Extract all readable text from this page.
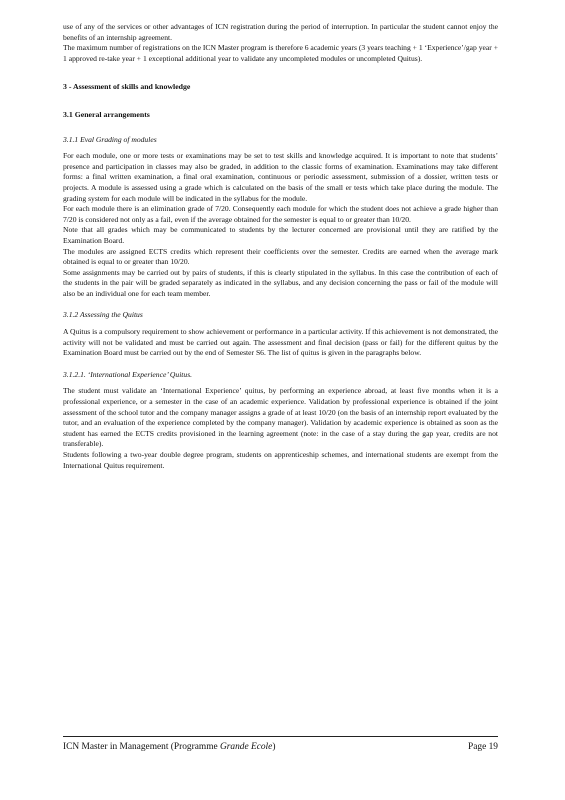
use of any of the services or other advantages of ICN registration during the period of interruption. In particular the student cannot enjoy the benefits of an internship agreement.

The maximum number of registrations on the ICN Master program is therefore 6 academic years (3 years teaching + 1 ‘Experience’/gap year + 1 approved re-take year + 1 exceptional additional year to validate any uncompleted modules or uncompleted Quitus).

3 - Assessment of skills and knowledge

3.1 General arrangements

3.1.1 Eval Grading of modules

For each module, one or more tests or examinations may be set to test skills and knowledge acquired. It is important to note that students’ presence and participation in classes may also be graded, in addition to the classic forms of examination. Examinations may take different forms: a final written examination, a final oral examination, continuous or periodic assessment, submission of a dossier, written tests or projects. A module is assessed using a grade which is calculated on the basis of the small er tests which take place during the module. The grading system for each module will be indicated in the syllabus for the module.

For each module there is an elimination grade of 7/20. Consequently each module for which the student does not achieve a grade higher than 7/20 is considered not only as a fail, even if the average obtained for the semester is equal to or greater than 10/20.

Note that all grades which may be communicated to students by the lecturer concerned are provisional until they are ratified by the Examination Board.

The modules are assigned ECTS credits which represent their coefficients over the semester. Credits are earned when the average mark obtained is equal to or greater than 10/20.

Some assignments may be carried out by pairs of students, if this is clearly stipulated in the syllabus. In this case the contribution of each of the students in the pair will be graded separately as indicated in the syllabus, and any decision concerning the pass or fail of the module will also be an individual one for each team member.

3.1.2 Assessing the Quitus

A Quitus is a compulsory requirement to show achievement or performance in a particular activity. If this achievement is not demonstrated, the activity will not be validated and must be carried out again. The assessment and final decision (pass or fail) for the different quitus by the Examination Board must be carried out by the end of Semester S6. The list of quitus is given in the paragraphs below.

3.1.2.1. ‘International Experience’ Quitus.

The student must validate an ‘International Experience’ quitus, by performing an experience abroad, at least five months when it is a professional experience, or a semester in the case of an academic experience. Validation by professional experience is obtained if the joint assessment of the school tutor and the company manager assigns a grade of at least 10/20 (on the basis of an internship report evaluated by the tutor, and an evaluation of the experience completed by the company manager). Validation by academic experience is obtained as soon as the student has earned the ECTS credits provisioned in the learning agreement (note: in the case of a stay during the gap year, credits are not transferable).

Students following a two-year double degree program, students on apprenticeship schemes, and international students are exempt from the International Quitus requirement.

ICN Master in Management (Programme Grande Ecole)	Page 19
